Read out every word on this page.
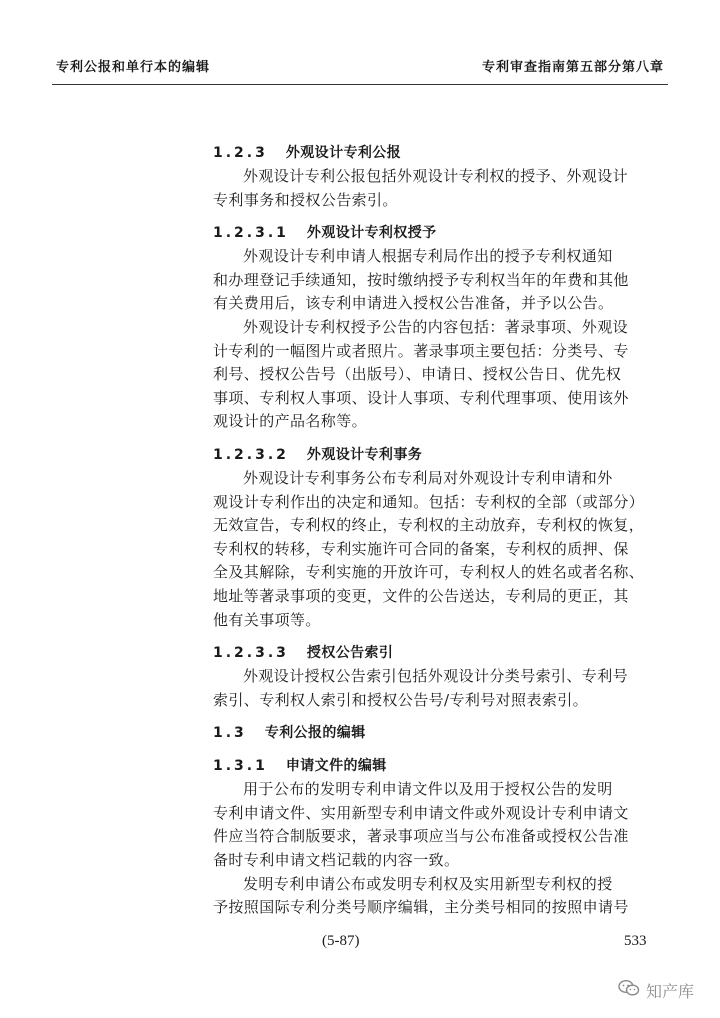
专利公报和单行本的编辑	专利审查指南第五部分第八章
1.2.3 外观设计专利公报
外观设计专利公报包括外观设计专利权的授予、外观设计
专利事务和授权公告索引。
1.2.3.1 外观设计专利权授予
外观设计专利申请人根据专利局作出的授予专利权通知
和办理登记手续通知，按时缴纳授予专利权当年的年费和其他
有关费用后，该专利申请进入授权公告准备，并予以公告。
外观设计专利权授予公告的内容包括：著录事项、外观设
计专利的一幅图片或者照片。著录事项主要包括：分类号、专
利号、授权公告号（出版号）、申请日、授权公告日、优先权
事项、专利权人事项、设计人事项、专利代理事项、使用该外
观设计的产品名称等。
1.2.3.2 外观设计专利事务
外观设计专利事务公布专利局对外观设计专利申请和外
观设计专利作出的决定和通知。包括：专利权的全部（或部分）
无效宣告，专利权的终止，专利权的主动放弃，专利权的恢复，
专利权的转移，专利实施许可合同的备案，专利权的质押、保
全及其解除，专利实施的开放许可，专利权人的姓名或者名称、
地址等著录事项的变更，文件的公告送达，专利局的更正，其
他有关事项等。
1.2.3.3 授权公告索引
外观设计授权公告索引包括外观设计分类号索引、专利号
索引、专利权人索引和授权公告号/专利号对照表索引。
1.3 专利公报的编辑
1.3.1 申请文件的编辑
用于公布的发明专利申请文件以及用于授权公告的发明
专利申请文件、实用新型专利申请文件或外观设计专利申请文
件应当符合制版要求，著录事项应当与公布准备或授权公告准
备时专利申请文档记载的内容一致。
发明专利申请公布或发明专利权及实用新型专利权的授
予按照国际专利分类号顺序编辑，主分类号相同的按照申请号
(5-87)	533
知产库
